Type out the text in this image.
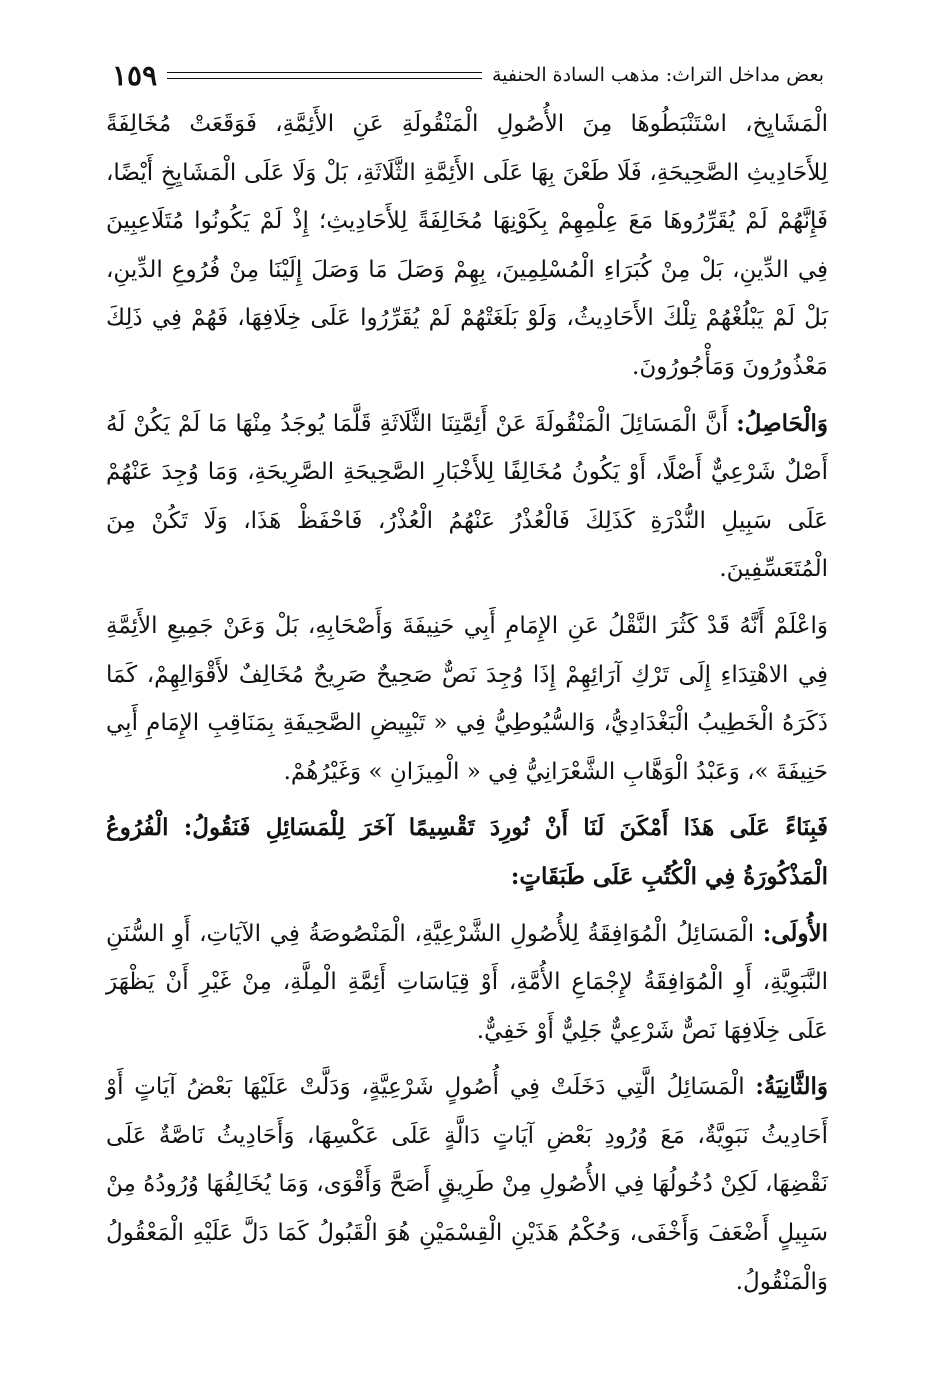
بعض مداخل التراث: مذهب السادة الحنفية
١٥٩

الْمَشَايِخ، اسْتَنْبَطُوهَا مِنَ الأُصُولِ الْمَنْقُولَةِ عَنِ الأَئِمَّةِ، فَوَقَعَتْ مُخَالِفَةً لِلأَحَادِيثِ الصَّحِيحَةِ، فَلَا طَعْنَ بِهَا عَلَى الأَئِمَّةِ الثَّلَاثَةِ، بَلْ وَلَا عَلَى الْمَشَايِخِ أَيْضًا، فَإِنَّهُمْ لَمْ يُقَرِّرُوهَا مَعَ عِلْمِهِمْ بِكَوْنِهَا مُخَالِفَةً لِلأَحَادِيثِ؛ إِذْ لَمْ يَكُونُوا مُتَلَاعِبِينَ فِي الدِّينِ، بَلْ مِنْ كُبَرَاءِ الْمُسْلِمِينَ، بِهِمْ وَصَلَ مَا وَصَلَ إِلَيْنَا مِنْ فُرُوعِ الدِّينِ، بَلْ لَمْ يَبْلُغْهُمْ تِلْكَ الأَحَادِيثُ، وَلَوْ بَلَغَتْهُمْ لَمْ يُقَرِّرُوا عَلَى خِلَافِهَا، فَهُمْ فِي ذَلِكَ مَعْذُورُونَ وَمَأْجُورُونَ.

وَالْحَاصِلُ: أَنَّ الْمَسَائِلَ الْمَنْقُولَةَ عَنْ أَئِمَّتِنَا الثَّلَاثَةِ قَلَّمَا يُوجَدُ مِنْهَا مَا لَمْ يَكُنْ لَهُ أَصْلٌ شَرْعِيٌّ أَصْلًا، أَوْ يَكُونُ مُخَالِفًا لِلأَخْبَارِ الصَّحِيحَةِ الصَّرِيحَةِ، وَمَا وُجِدَ عَنْهُمْ عَلَى سَبِيلِ النُّدْرَةِ كَذَلِكَ فَالْعُذْرُ عَنْهُمُ الْعُذْرُ، فَاحْفَظْ هَذَا، وَلَا تَكُنْ مِنَ الْمُتَعَسِّفِينَ.

وَاعْلَمْ أَنَّهُ قَدْ كَثُرَ النَّقْلُ عَنِ الإِمَامِ أَبِي حَنِيفَةَ وَأَصْحَابِهِ، بَلْ وَعَنْ جَمِيعِ الأَئِمَّةِ فِي الاهْتِدَاءِ إِلَى تَرْكِ آرَائِهِمْ إِذَا وُجِدَ نَصٌّ صَحِيحٌ صَرِيحٌ مُخَالِفٌ لأَقْوَالِهِمْ، كَمَا ذَكَرَهُ الْخَطِيبُ الْبَغْدَادِيُّ، وَالسُّيُوطِيُّ فِي « تَبْيِيضِ الصَّحِيفَةِ بِمَنَاقِبِ الإِمَامِ أَبِي حَنِيفَةَ »، وَعَبْدُ الْوَهَّابِ الشَّعْرَانِيُّ فِي « الْمِيزَانِ » وَغَيْرُهُمْ.

فَبِنَاءً عَلَى هَذَا أَمْكَنَ لَنَا أَنْ نُورِدَ تَقْسِيمًا آخَرَ لِلْمَسَائِلِ فَنَقُولُ: الْفُرُوعُ الْمَذْكُورَةُ فِي الْكُتُبِ عَلَى طَبَقَاتٍ:

الأُولَى: الْمَسَائِلُ الْمُوَافِقَةُ لِلأُصُولِ الشَّرْعِيَّةِ، الْمَنْصُوصَةُ فِي الآيَاتِ، أَوِ السُّنَنِ النَّبَوِيَّةِ، أَوِ الْمُوَافِقَةُ لإِجْمَاعِ الأُمَّةِ، أَوْ قِيَاسَاتِ أَئِمَّةِ الْمِلَّةِ، مِنْ غَيْرِ أَنْ يَظْهَرَ عَلَى خِلَافِهَا نَصٌّ شَرْعِيٌّ جَلِيٌّ أَوْ خَفِيٌّ.

وَالثَّانِيَةُ: الْمَسَائِلُ الَّتِي دَخَلَتْ فِي أُصُولٍ شَرْعِيَّةٍ، وَدَلَّتْ عَلَيْهَا بَعْضُ آيَاتٍ أَوْ أَحَادِيثُ نَبَوِيَّةٌ، مَعَ وُرُودِ بَعْضِ آيَاتٍ دَالَّةٍ عَلَى عَكْسِهَا، وَأَحَادِيثُ نَاصَّةٌ عَلَى نَقْضِهَا، لَكِنْ دُخُولُهَا فِي الأُصُولِ مِنْ طَرِيقٍ أَصَحَّ وَأَقْوَى، وَمَا يُخَالِفُهَا وُرُودُهُ مِنْ سَبِيلٍ أَضْعَفَ وَأَخْفَى، وَحُكْمُ هَذَيْنِ الْقِسْمَيْنِ هُوَ الْقَبُولُ كَمَا دَلَّ عَلَيْهِ الْمَعْقُولُ وَالْمَنْقُولُ.
